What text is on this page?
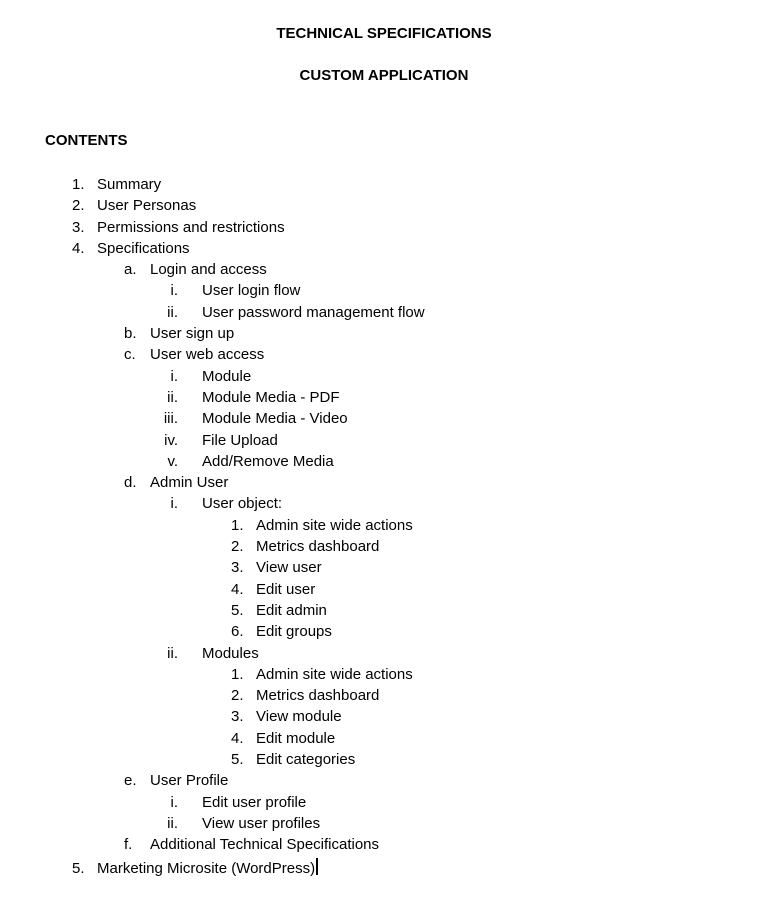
TECHNICAL SPECIFICATIONS
CUSTOM APPLICATION
CONTENTS
1. Summary
2. User Personas
3. Permissions and restrictions
4. Specifications
a. Login and access
i. User login flow
ii. User password management flow
b. User sign up
c. User web access
i. Module
ii. Module Media - PDF
iii. Module Media - Video
iv. File Upload
v. Add/Remove Media
d. Admin User
i. User object:
1. Admin site wide actions
2. Metrics dashboard
3. View user
4. Edit user
5. Edit admin
6. Edit groups
ii. Modules
1. Admin site wide actions
2. Metrics dashboard
3. View module
4. Edit module
5. Edit categories
e. User Profile
i. Edit user profile
ii. View user profiles
f.	Additional Technical Specifications
5. Marketing Microsite (WordPress)
